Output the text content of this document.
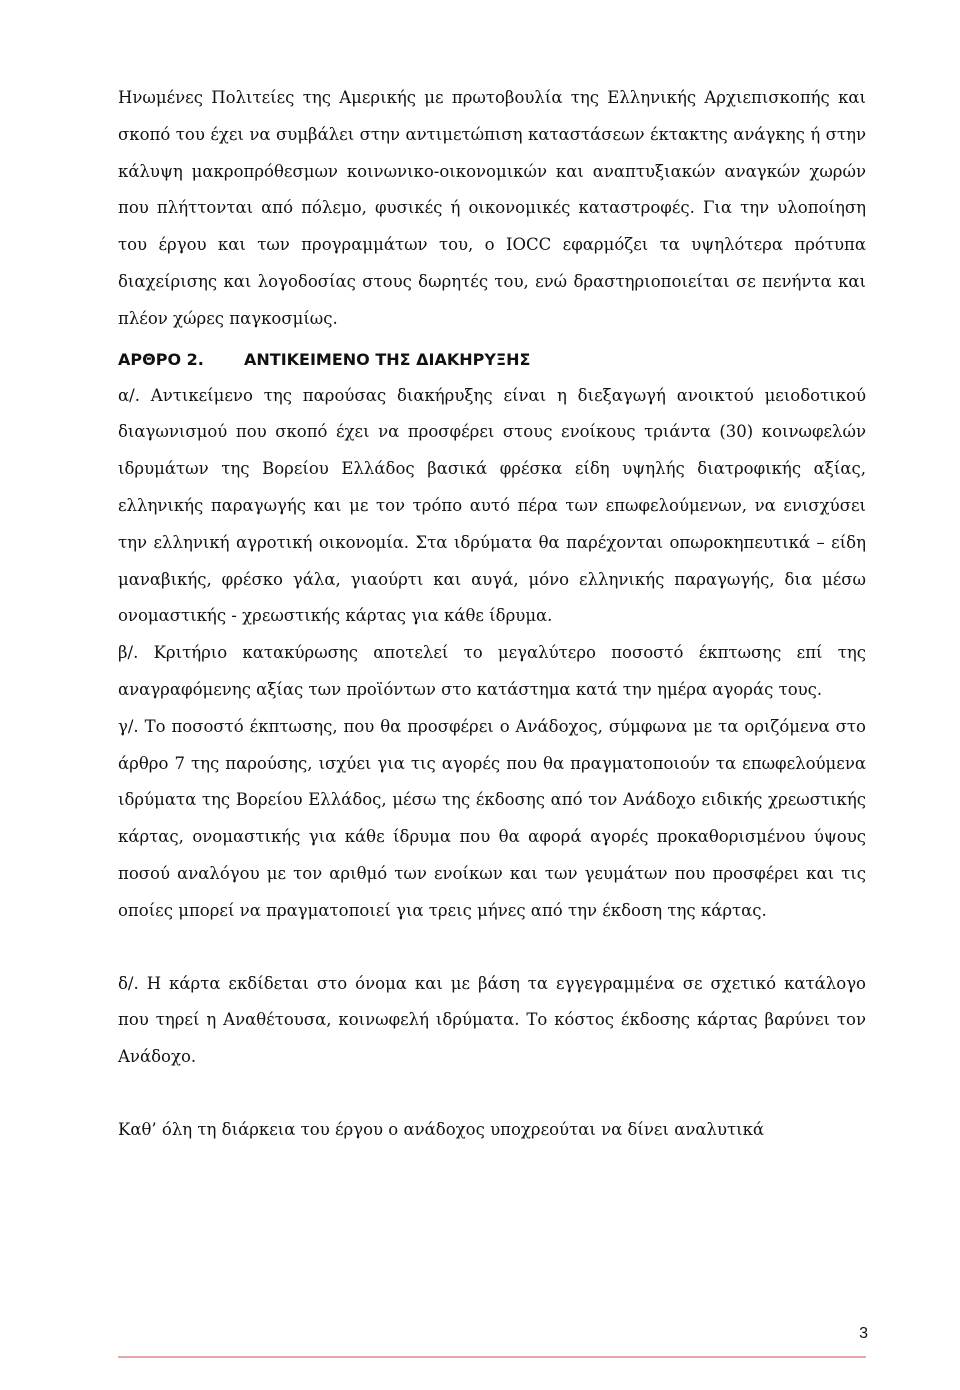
Ηνωμένες Πολιτείες της Αμερικής με πρωτοβουλία της Ελληνικής Αρχιεπισκοπής και σκοπό του έχει να συμβάλει στην αντιμετώπιση καταστάσεων έκτακτης ανάγκης ή στην κάλυψη μακροπρόθεσμων κοινωνικο-οικονομικών και αναπτυξιακών αναγκών χωρών που πλήττονται από πόλεμο, φυσικές ή οικονομικές καταστροφές. Για την υλοποίηση του έργου και των προγραμμάτων του, ο IOCC εφαρμόζει τα υψηλότερα πρότυπα διαχείρισης και λογοδοσίας στους δωρητές του, ενώ δραστηριοποιείται σε πενήντα και πλέον χώρες παγκοσμίως.

ΑΡΘΡΟ 2.	ΑΝΤΙΚΕΙΜΕΝΟ ΤΗΣ ΔΙΑΚΗΡΥΞΗΣ

α/. Αντικείμενο της παρούσας διακήρυξης είναι η διεξαγωγή ανοικτού μειοδοτικού διαγωνισμού που σκοπό έχει να προσφέρει στους ενοίκους τριάντα (30) κοινωφελών ιδρυμάτων της Βορείου Ελλάδος βασικά φρέσκα είδη υψηλής διατροφικής αξίας, ελληνικής παραγωγής και με τον τρόπο αυτό πέρα των επωφελούμενων, να ενισχύσει την ελληνική αγροτική οικονομία. Στα ιδρύματα θα παρέχονται οπωροκηπευτικά – είδη μαναβικής, φρέσκο γάλα, γιαούρτι και αυγά, μόνο ελληνικής παραγωγής, δια μέσω ονομαστικής - χρεωστικής κάρτας για κάθε ίδρυμα.

β/. Κριτήριο κατακύρωσης αποτελεί το μεγαλύτερο ποσοστό έκπτωσης επί της αναγραφόμενης αξίας των προϊόντων στο κατάστημα κατά την ημέρα αγοράς τους.

γ/. Το ποσοστό έκπτωσης, που θα προσφέρει ο Ανάδοχος, σύμφωνα με τα οριζόμενα στο άρθρο 7 της παρούσης, ισχύει για τις αγορές που θα πραγματοποιούν τα επωφελούμενα ιδρύματα της Βορείου Ελλάδος, μέσω της έκδοσης από τον Ανάδοχο ειδικής χρεωστικής κάρτας, ονομαστικής για κάθε ίδρυμα που θα αφορά αγορές προκαθορισμένου ύψους ποσού αναλόγου με τον αριθμό των ενοίκων και των γευμάτων που προσφέρει και τις οποίες μπορεί να πραγματοποιεί για τρεις μήνες από την έκδοση της κάρτας.

δ/. Η κάρτα εκδίδεται στο όνομα και με βάση τα εγγεγραμμένα σε σχετικό κατάλογο που τηρεί η Αναθέτουσα, κοινωφελή ιδρύματα. Το κόστος έκδοσης κάρτας βαρύνει τον Ανάδοχο.

Καθ’ όλη τη διάρκεια του έργου ο ανάδοχος υποχρεούται να δίνει αναλυτικά

3
